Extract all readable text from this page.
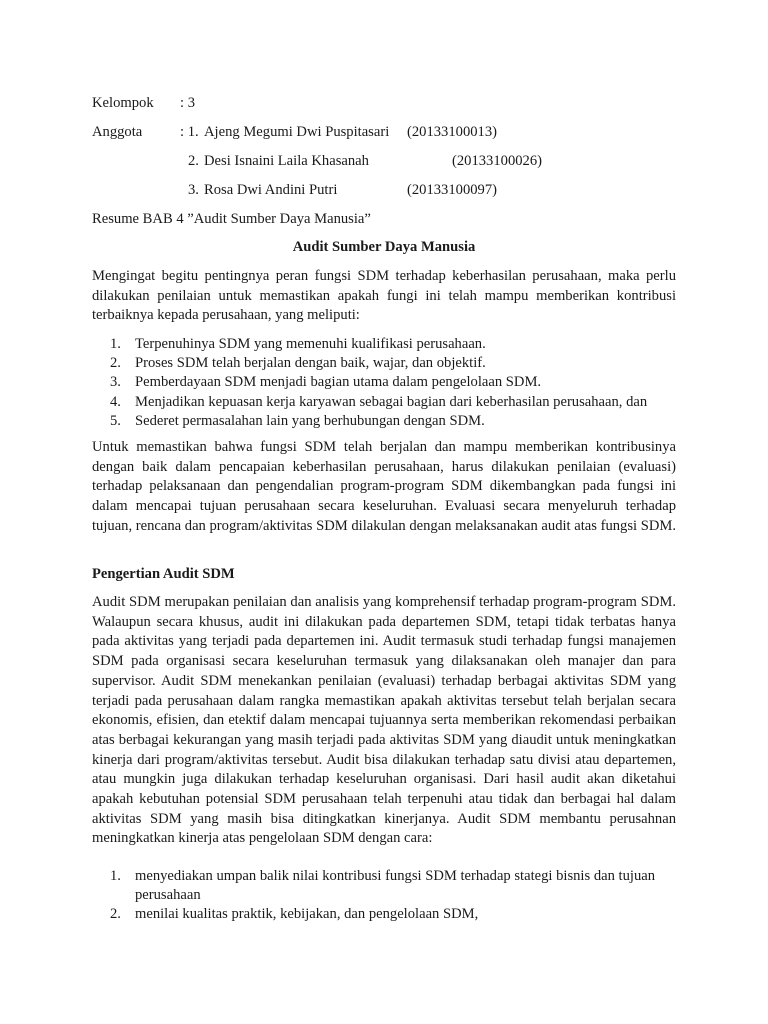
Kelompok : 3
Anggota	: 1. Ajeng Megumi Dwi Puspitasari (20133100013)
2. Desi Isnaini Laila Khasanah	(20133100026)
3. Rosa Dwi Andini Putri	(20133100097)
Resume BAB 4 ”Audit Sumber Daya Manusia”
Audit Sumber Daya Manusia
Mengingat begitu pentingnya peran fungsi SDM terhadap keberhasilan perusahaan, maka perlu dilakukan penilaian untuk memastikan apakah fungi ini telah mampu memberikan kontribusi terbaiknya kepada perusahaan, yang meliputi:
1. Terpenuhinya SDM yang memenuhi kualifikasi perusahaan.
2. Proses SDM telah berjalan dengan baik, wajar, dan objektif.
3. Pemberdayaan SDM menjadi bagian utama dalam pengelolaan SDM.
4. Menjadikan kepuasan kerja karyawan sebagai bagian dari keberhasilan perusahaan, dan
5. Sederet permasalahan lain yang berhubungan dengan SDM.
Untuk memastikan bahwa fungsi SDM telah berjalan dan mampu memberikan kontribusinya dengan baik dalam pencapaian keberhasilan perusahaan, harus dilakukan penilaian (evaluasi) terhadap pelaksanaan dan pengendalian program-program SDM dikembangkan pada fungsi ini dalam mencapai tujuan perusahaan secara keseluruhan. Evaluasi secara menyeluruh terhadap tujuan, rencana dan program/aktivitas SDM dilakulan dengan melaksanakan audit atas fungsi SDM.
Pengertian Audit SDM
Audit SDM merupakan penilaian dan analisis yang komprehensif terhadap program-program SDM. Walaupun secara khusus, audit ini dilakukan pada departemen SDM, tetapi tidak terbatas hanya pada aktivitas yang terjadi pada departemen ini. Audit termasuk studi terhadap fungsi manajemen SDM pada organisasi secara keseluruhan termasuk yang dilaksanakan oleh manajer dan para supervisor. Audit SDM menekankan penilaian (evaluasi) terhadap berbagai aktivitas SDM yang terjadi pada perusahaan dalam rangka memastikan apakah aktivitas tersebut telah berjalan secara ekonomis, efisien, dan etektif dalam mencapai tujuannya serta memberikan rekomendasi perbaikan atas berbagai kekurangan yang masih terjadi pada aktivitas SDM yang diaudit untuk meningkatkan kinerja dari program/aktivitas tersebut. Audit bisa dilakukan terhadap satu divisi atau departemen, atau mungkin juga dilakukan terhadap keseluruhan organisasi. Dari hasil audit akan diketahui apakah kebutuhan potensial SDM perusahaan telah terpenuhi atau tidak dan berbagai hal dalam aktivitas SDM yang masih bisa ditingkatkan kinerjanya. Audit SDM membantu perusahnan meningkatkan kinerja atas pengelolaan SDM dengan cara:
1. menyediakan umpan balik nilai kontribusi fungsi SDM terhadap stategi bisnis dan tujuan perusahaan
2. menilai kualitas praktik, kebijakan, dan pengelolaan SDM,
